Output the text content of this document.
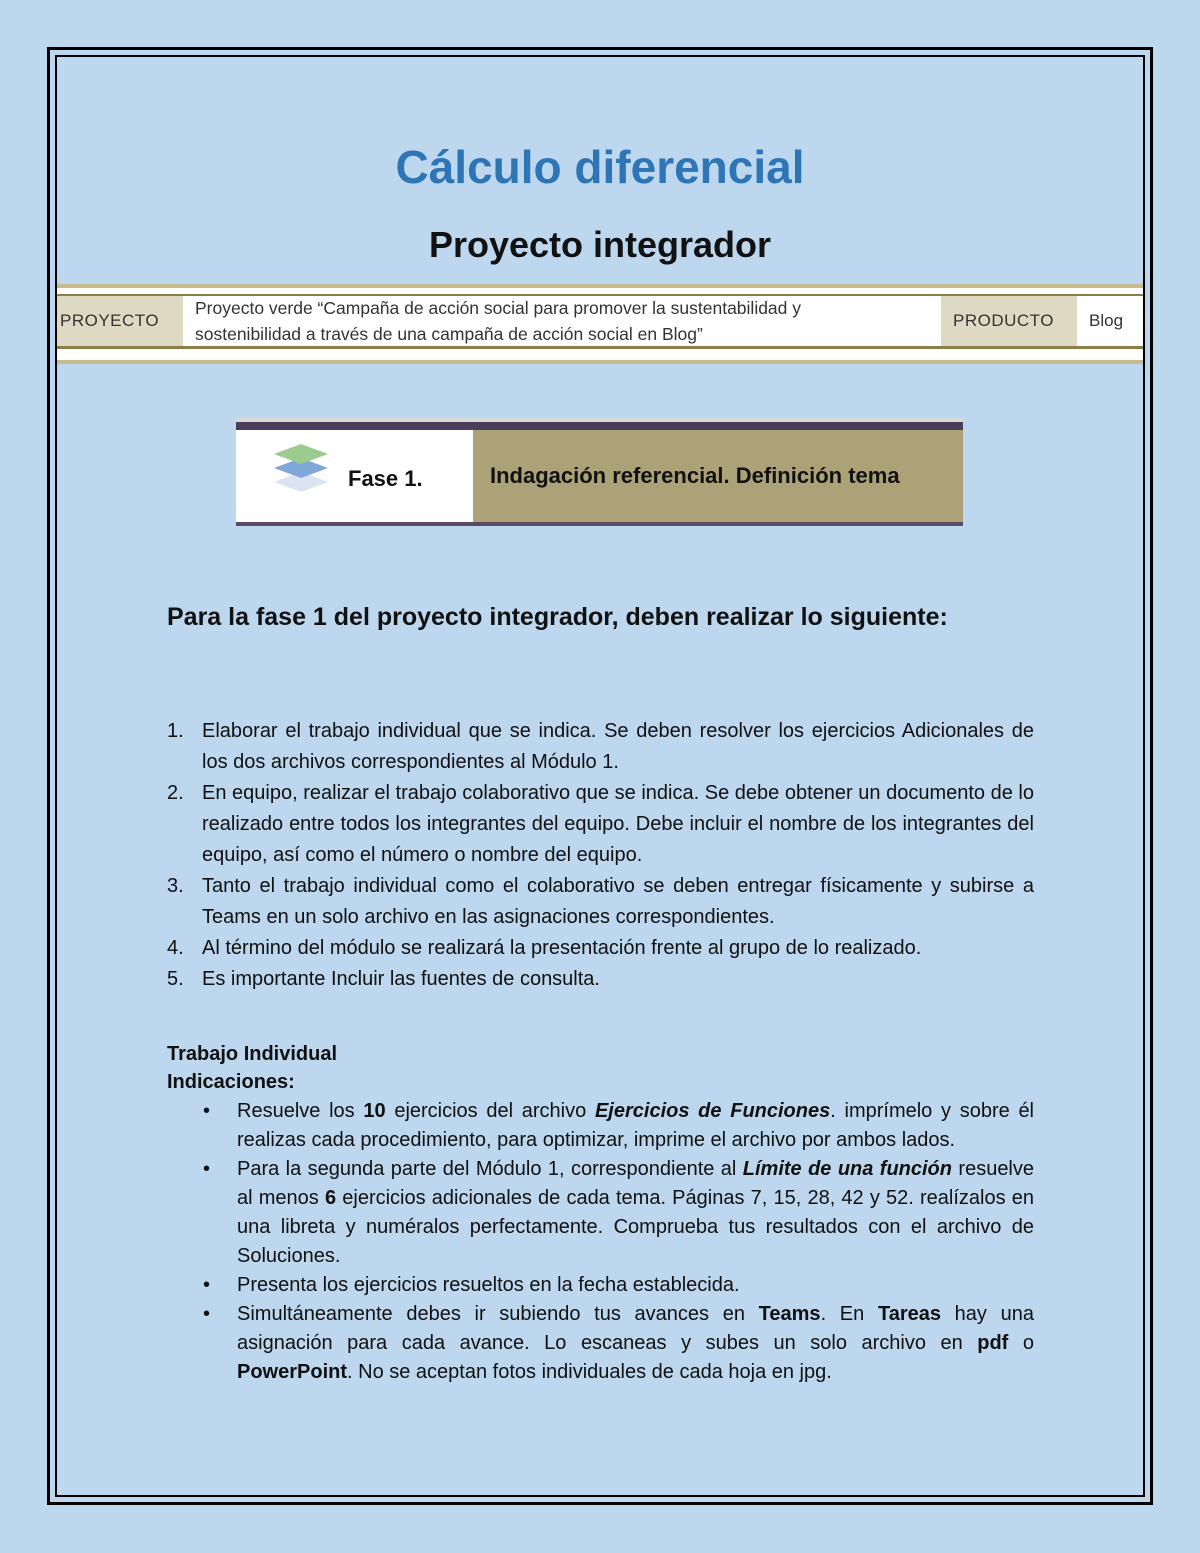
Cálculo diferencial
Proyecto integrador
PROYECTO
Proyecto verde “Campaña de acción social para promover la sustentabilidad y
sostenibilidad a través de una campaña de acción social en Blog”
PRODUCTO	Blog
Fase 1.	Indagación referencial. Definición tema
Para la fase 1 del proyecto integrador, deben realizar lo siguiente:
1. Elaborar el trabajo individual que se indica. Se deben resolver los ejercicios Adicionales de los dos archivos correspondientes al Módulo 1.
2. En equipo, realizar el trabajo colaborativo que se indica. Se debe obtener un documento de lo realizado entre todos los integrantes del equipo. Debe incluir el nombre de los integrantes del equipo, así como el número o nombre del equipo.
3. Tanto el trabajo individual como el colaborativo se deben entregar físicamente y subirse a Teams en un solo archivo en las asignaciones correspondientes.
4. Al término del módulo se realizará la presentación frente al grupo de lo realizado.
5. Es importante Incluir las fuentes de consulta.
Trabajo Individual
Indicaciones:
• Resuelve los 10 ejercicios del archivo Ejercicios de Funciones. imprímelo y sobre él realizas cada procedimiento, para optimizar, imprime el archivo por ambos lados.
• Para la segunda parte del Módulo 1, correspondiente al Límite de una función resuelve al menos 6 ejercicios adicionales de cada tema. Páginas 7, 15, 28, 42 y 52. realízalos en una libreta y numéralos perfectamente. Comprueba tus resultados con el archivo de Soluciones.
• Presenta los ejercicios resueltos en la fecha establecida.
• Simultáneamente debes ir subiendo tus avances en Teams. En Tareas hay una asignación para cada avance. Lo escaneas y subes un solo archivo en pdf o PowerPoint. No se aceptan fotos individuales de cada hoja en jpg.
